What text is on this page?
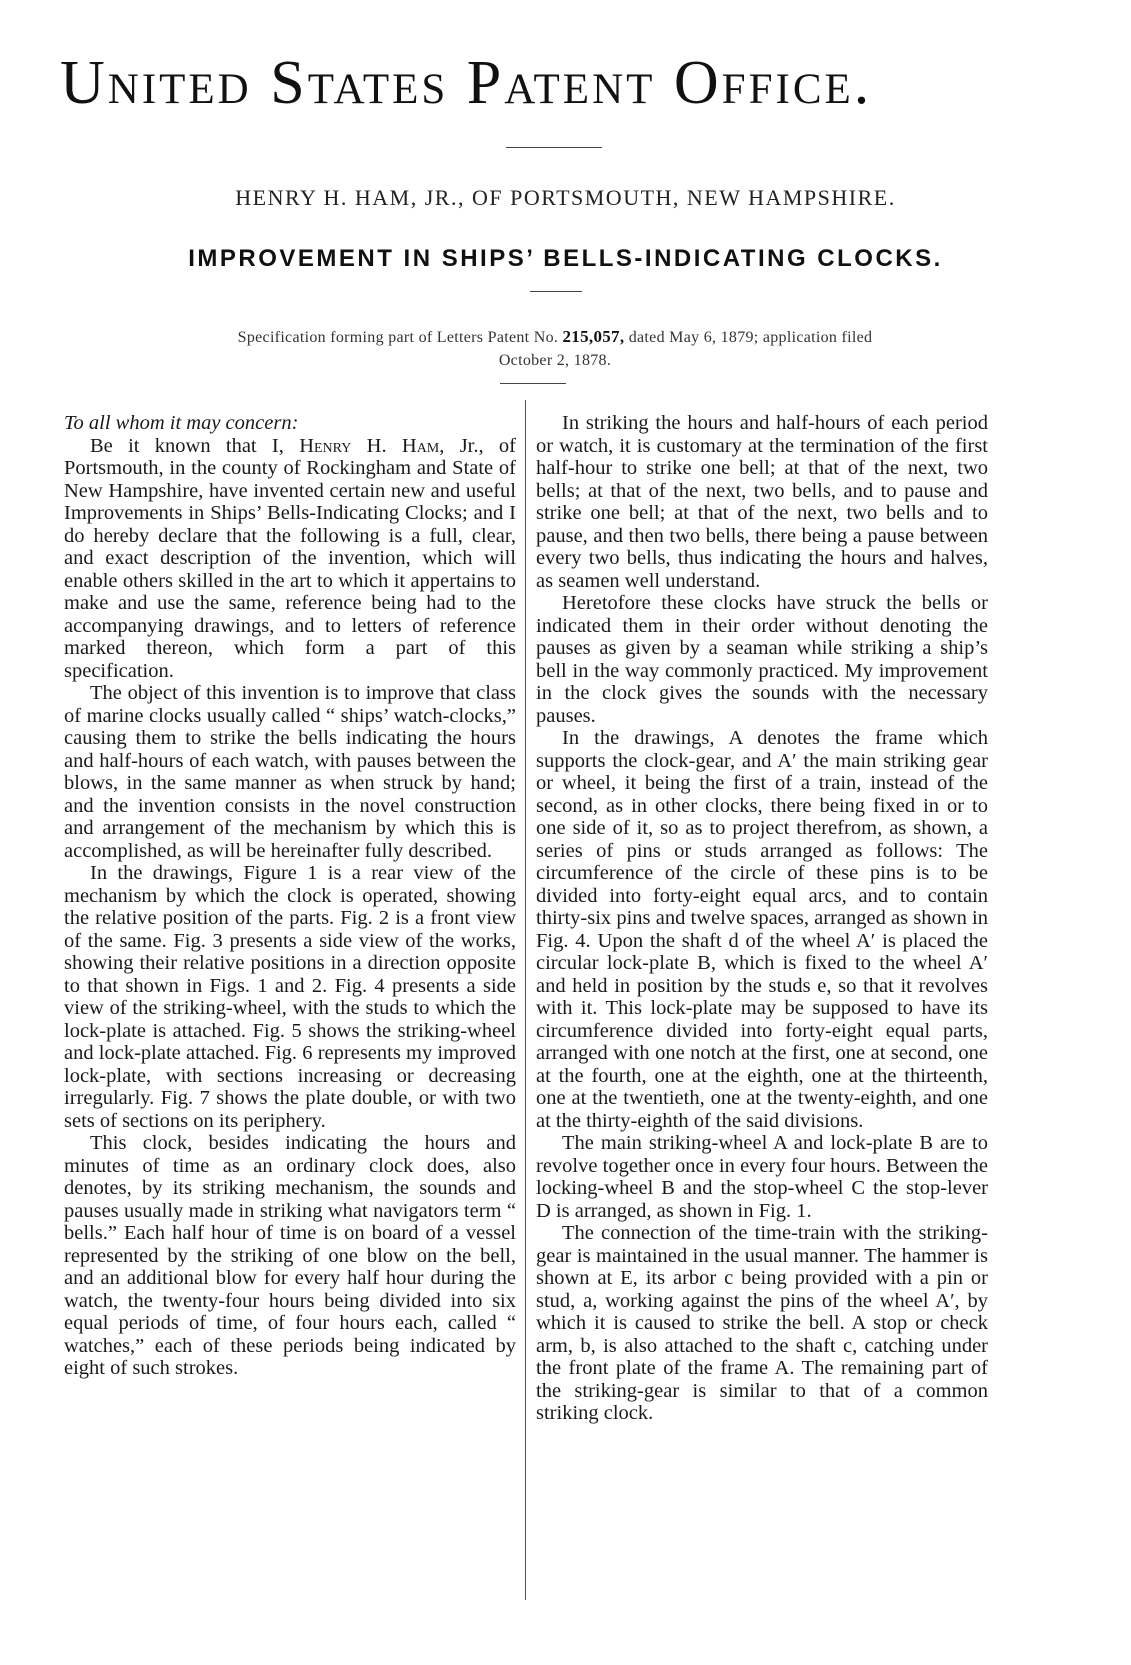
United States Patent Office.
HENRY H. HAM, JR., OF PORTSMOUTH, NEW HAMPSHIRE.
IMPROVEMENT IN SHIPS’ BELLS-INDICATING CLOCKS.
Specification forming part of Letters Patent No. 215,057, dated May 6, 1879; application filed
October 2, 1878.

To all whom it may concern:

Be it known that I, Henry H. Ham, Jr., of Portsmouth, in the county of Rockingham and State of New Hampshire, have invented certain new and useful Improvements in Ships’ Bells-Indicating Clocks; and I do hereby declare that the following is a full, clear, and exact description of the invention, which will enable others skilled in the art to which it appertains to make and use the same, reference being had to the accompanying drawings, and to letters of reference marked thereon, which form a part of this specification.

The object of this invention is to improve that class of marine clocks usually called “ ships’ watch-clocks,” causing them to strike the bells indicating the hours and half-hours of each watch, with pauses between the blows, in the same manner as when struck by hand; and the invention consists in the novel construction and arrangement of the mechanism by which this is accomplished, as will be hereinafter fully described.

In the drawings, Figure 1 is a rear view of the mechanism by which the clock is operated, showing the relative position of the parts. Fig. 2 is a front view of the same. Fig. 3 presents a side view of the works, showing their relative positions in a direction opposite to that shown in Figs. 1 and 2. Fig. 4 presents a side view of the striking-wheel, with the studs to which the lock-plate is attached. Fig. 5 shows the striking-wheel and lock-plate attached. Fig. 6 represents my improved lock-plate, with sections increasing or decreasing irregularly. Fig. 7 shows the plate double, or with two sets of sections on its periphery.

This clock, besides indicating the hours and minutes of time as an ordinary clock does, also denotes, by its striking mechanism, the sounds and pauses usually made in striking what navigators term “ bells.” Each half hour of time is on board of a vessel represented by the striking of one blow on the bell, and an additional blow for every half hour during the watch, the twenty-four hours being divided into six equal periods of time, of four hours each, called “ watches,” each of these periods being indicated by eight of such strokes.

In striking the hours and half-hours of each period or watch, it is customary at the termination of the first half-hour to strike one bell; at that of the next, two bells; at that of the next, two bells, and to pause and strike one bell; at that of the next, two bells and to pause, and then two bells, there being a pause between every two bells, thus indicating the hours and halves, as seamen well understand.

Heretofore these clocks have struck the bells or indicated them in their order without denoting the pauses as given by a seaman while striking a ship’s bell in the way commonly practiced. My improvement in the clock gives the sounds with the necessary pauses.

In the drawings, A denotes the frame which supports the clock-gear, and A′ the main striking gear or wheel, it being the first of a train, instead of the second, as in other clocks, there being fixed in or to one side of it, so as to project therefrom, as shown, a series of pins or studs arranged as follows: The circumference of the circle of these pins is to be divided into forty-eight equal arcs, and to contain thirty-six pins and twelve spaces, arranged as shown in Fig. 4. Upon the shaft d of the wheel A′ is placed the circular lock-plate B, which is fixed to the wheel A′ and held in position by the studs e, so that it revolves with it. This lock-plate may be supposed to have its circumference divided into forty-eight equal parts, arranged with one notch at the first, one at second, one at the fourth, one at the eighth, one at the thirteenth, one at the twentieth, one at the twenty-eighth, and one at the thirty-eighth of the said divisions.

The main striking-wheel A and lock-plate B are to revolve together once in every four hours. Between the locking-wheel B and the stop-wheel C the stop-lever D is arranged, as shown in Fig. 1.

The connection of the time-train with the striking-gear is maintained in the usual manner. The hammer is shown at E, its arbor c being provided with a pin or stud, a, working against the pins of the wheel A′, by which it is caused to strike the bell. A stop or check arm, b, is also attached to the shaft c, catching under the front plate of the frame A. The remaining part of the striking-gear is similar to that of a common striking clock.
